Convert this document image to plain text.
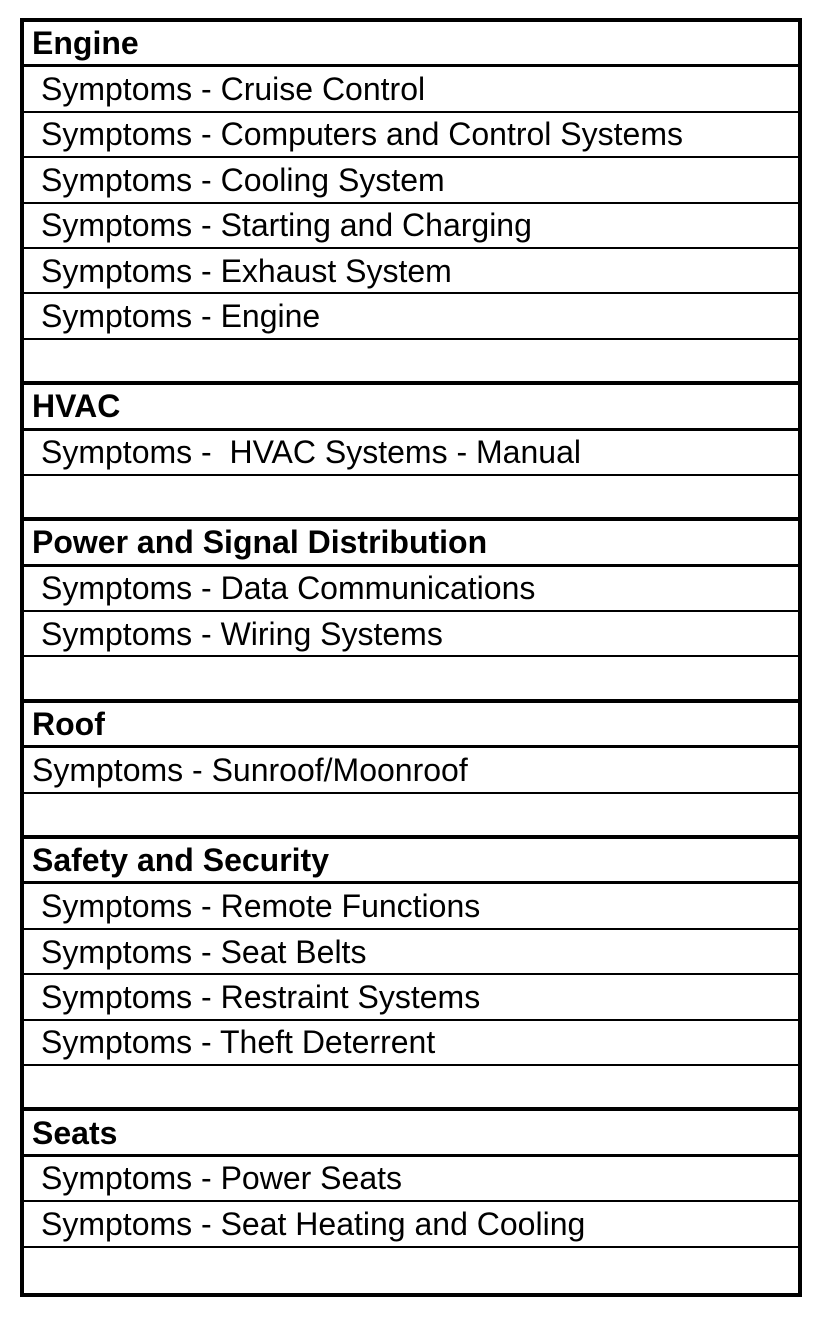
Engine
Symptoms - Cruise Control
Symptoms - Computers and Control Systems
Symptoms - Cooling System
Symptoms - Starting and Charging
Symptoms - Exhaust System
Symptoms - Engine
HVAC
Symptoms -  HVAC Systems - Manual
Power and Signal Distribution
Symptoms - Data Communications
Symptoms - Wiring Systems
Roof
Symptoms - Sunroof/Moonroof
Safety and Security
Symptoms - Remote Functions
Symptoms - Seat Belts
Symptoms - Restraint Systems
Symptoms - Theft Deterrent
Seats
Symptoms - Power Seats
Symptoms - Seat Heating and Cooling
